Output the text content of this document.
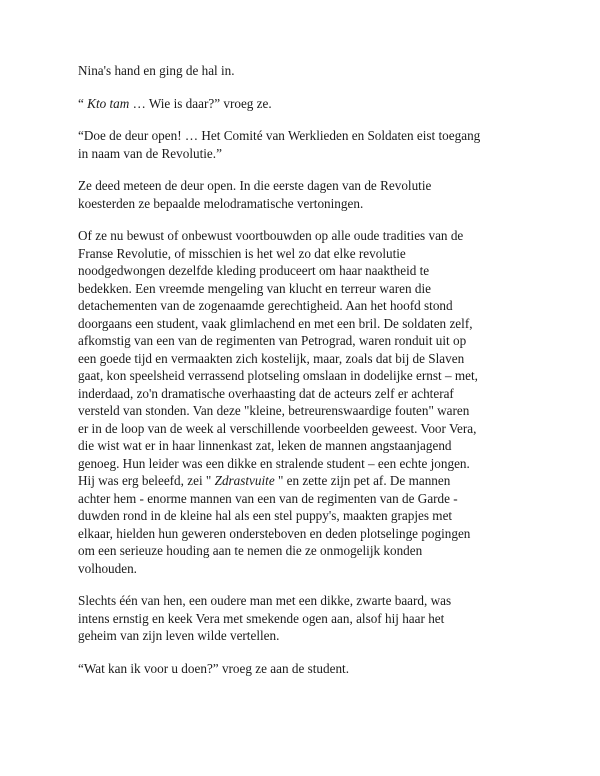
Nina's hand en ging de hal in.

“ Kto tam … Wie is daar?” vroeg ze.

“Doe de deur open! … Het Comité van Werklieden en Soldaten eist toegang
in naam van de Revolutie.”

Ze deed meteen de deur open. In die eerste dagen van de Revolutie
koesterden ze bepaalde melodramatische vertoningen.

Of ze nu bewust of onbewust voortbouwden op alle oude tradities van de
Franse Revolutie, of misschien is het wel zo dat elke revolutie
noodgedwongen dezelfde kleding produceert om haar naaktheid te
bedekken. Een vreemde mengeling van klucht en terreur waren die
detachementen van de zogenaamde gerechtigheid. Aan het hoofd stond
doorgaans een student, vaak glimlachend en met een bril. De soldaten zelf,
afkomstig van een van de regimenten van Petrograd, waren ronduit uit op
een goede tijd en vermaakten zich kostelijk, maar, zoals dat bij de Slaven
gaat, kon speelsheid verrassend plotseling omslaan in dodelijke ernst – met,
inderdaad, zo'n dramatische overhaasting dat de acteurs zelf er achteraf
versteld van stonden. Van deze "kleine, betreurenswaardige fouten" waren
er in de loop van de week al verschillende voorbeelden geweest. Voor Vera,
die wist wat er in haar linnenkast zat, leken de mannen angstaanjagend
genoeg. Hun leider was een dikke en stralende student – een echte jongen.
Hij was erg beleefd, zei " Zdrastvuite " en zette zijn pet af. De mannen
achter hem - enorme mannen van een van de regimenten van de Garde -
duwden rond in de kleine hal als een stel puppy's, maakten grapjes met
elkaar, hielden hun geweren ondersteboven en deden plotselinge pogingen
om een serieuze houding aan te nemen die ze onmogelijk konden
volhouden.

Slechts één van hen, een oudere man met een dikke, zwarte baard, was
intens ernstig en keek Vera met smekende ogen aan, alsof hij haar het
geheim van zijn leven wilde vertellen.

“Wat kan ik voor u doen?” vroeg ze aan de student.
